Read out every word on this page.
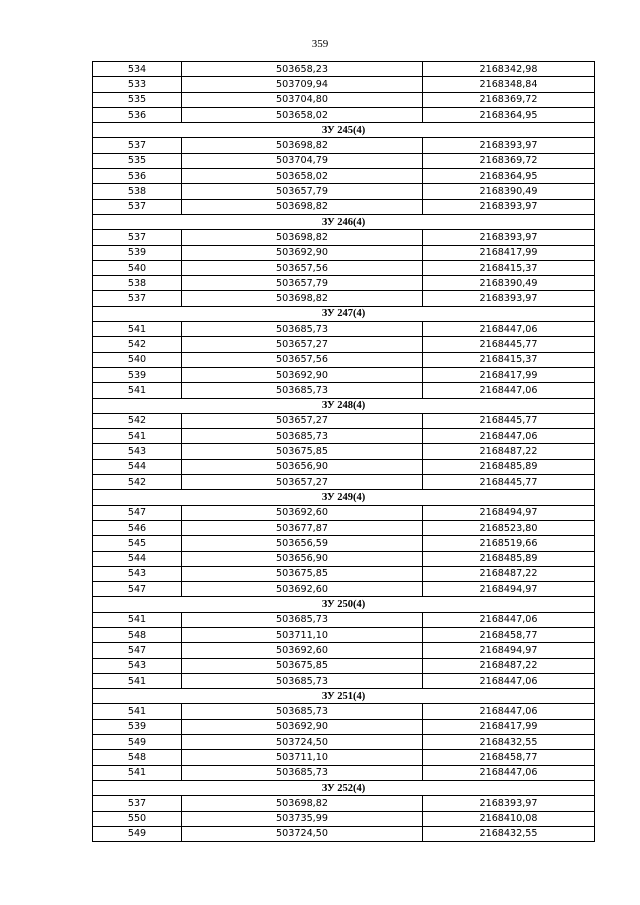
359
534	503658,23	2168342,98
533	503709,94	2168348,84
535	503704,80	2168369,72
536	503658,02	2168364,95
ЗУ 245(4)		
537	503698,82	2168393,97
535	503704,79	2168369,72
536	503658,02	2168364,95
538	503657,79	2168390,49
537	503698,82	2168393,97
ЗУ 246(4)		
537	503698,82	2168393,97
539	503692,90	2168417,99
540	503657,56	2168415,37
538	503657,79	2168390,49
537	503698,82	2168393,97
ЗУ 247(4)		
541	503685,73	2168447,06
542	503657,27	2168445,77
540	503657,56	2168415,37
539	503692,90	2168417,99
541	503685,73	2168447,06
ЗУ 248(4)		
542	503657,27	2168445,77
541	503685,73	2168447,06
543	503675,85	2168487,22
544	503656,90	2168485,89
542	503657,27	2168445,77
ЗУ 249(4)		
547	503692,60	2168494,97
546	503677,87	2168523,80
545	503656,59	2168519,66
544	503656,90	2168485,89
543	503675,85	2168487,22
547	503692,60	2168494,97
ЗУ 250(4)		
541	503685,73	2168447,06
548	503711,10	2168458,77
547	503692,60	2168494,97
543	503675,85	2168487,22
541	503685,73	2168447,06
ЗУ 251(4)		
541	503685,73	2168447,06
539	503692,90	2168417,99
549	503724,50	2168432,55
548	503711,10	2168458,77
541	503685,73	2168447,06
ЗУ 252(4)		
537	503698,82	2168393,97
550	503735,99	2168410,08
549	503724,50	2168432,55
